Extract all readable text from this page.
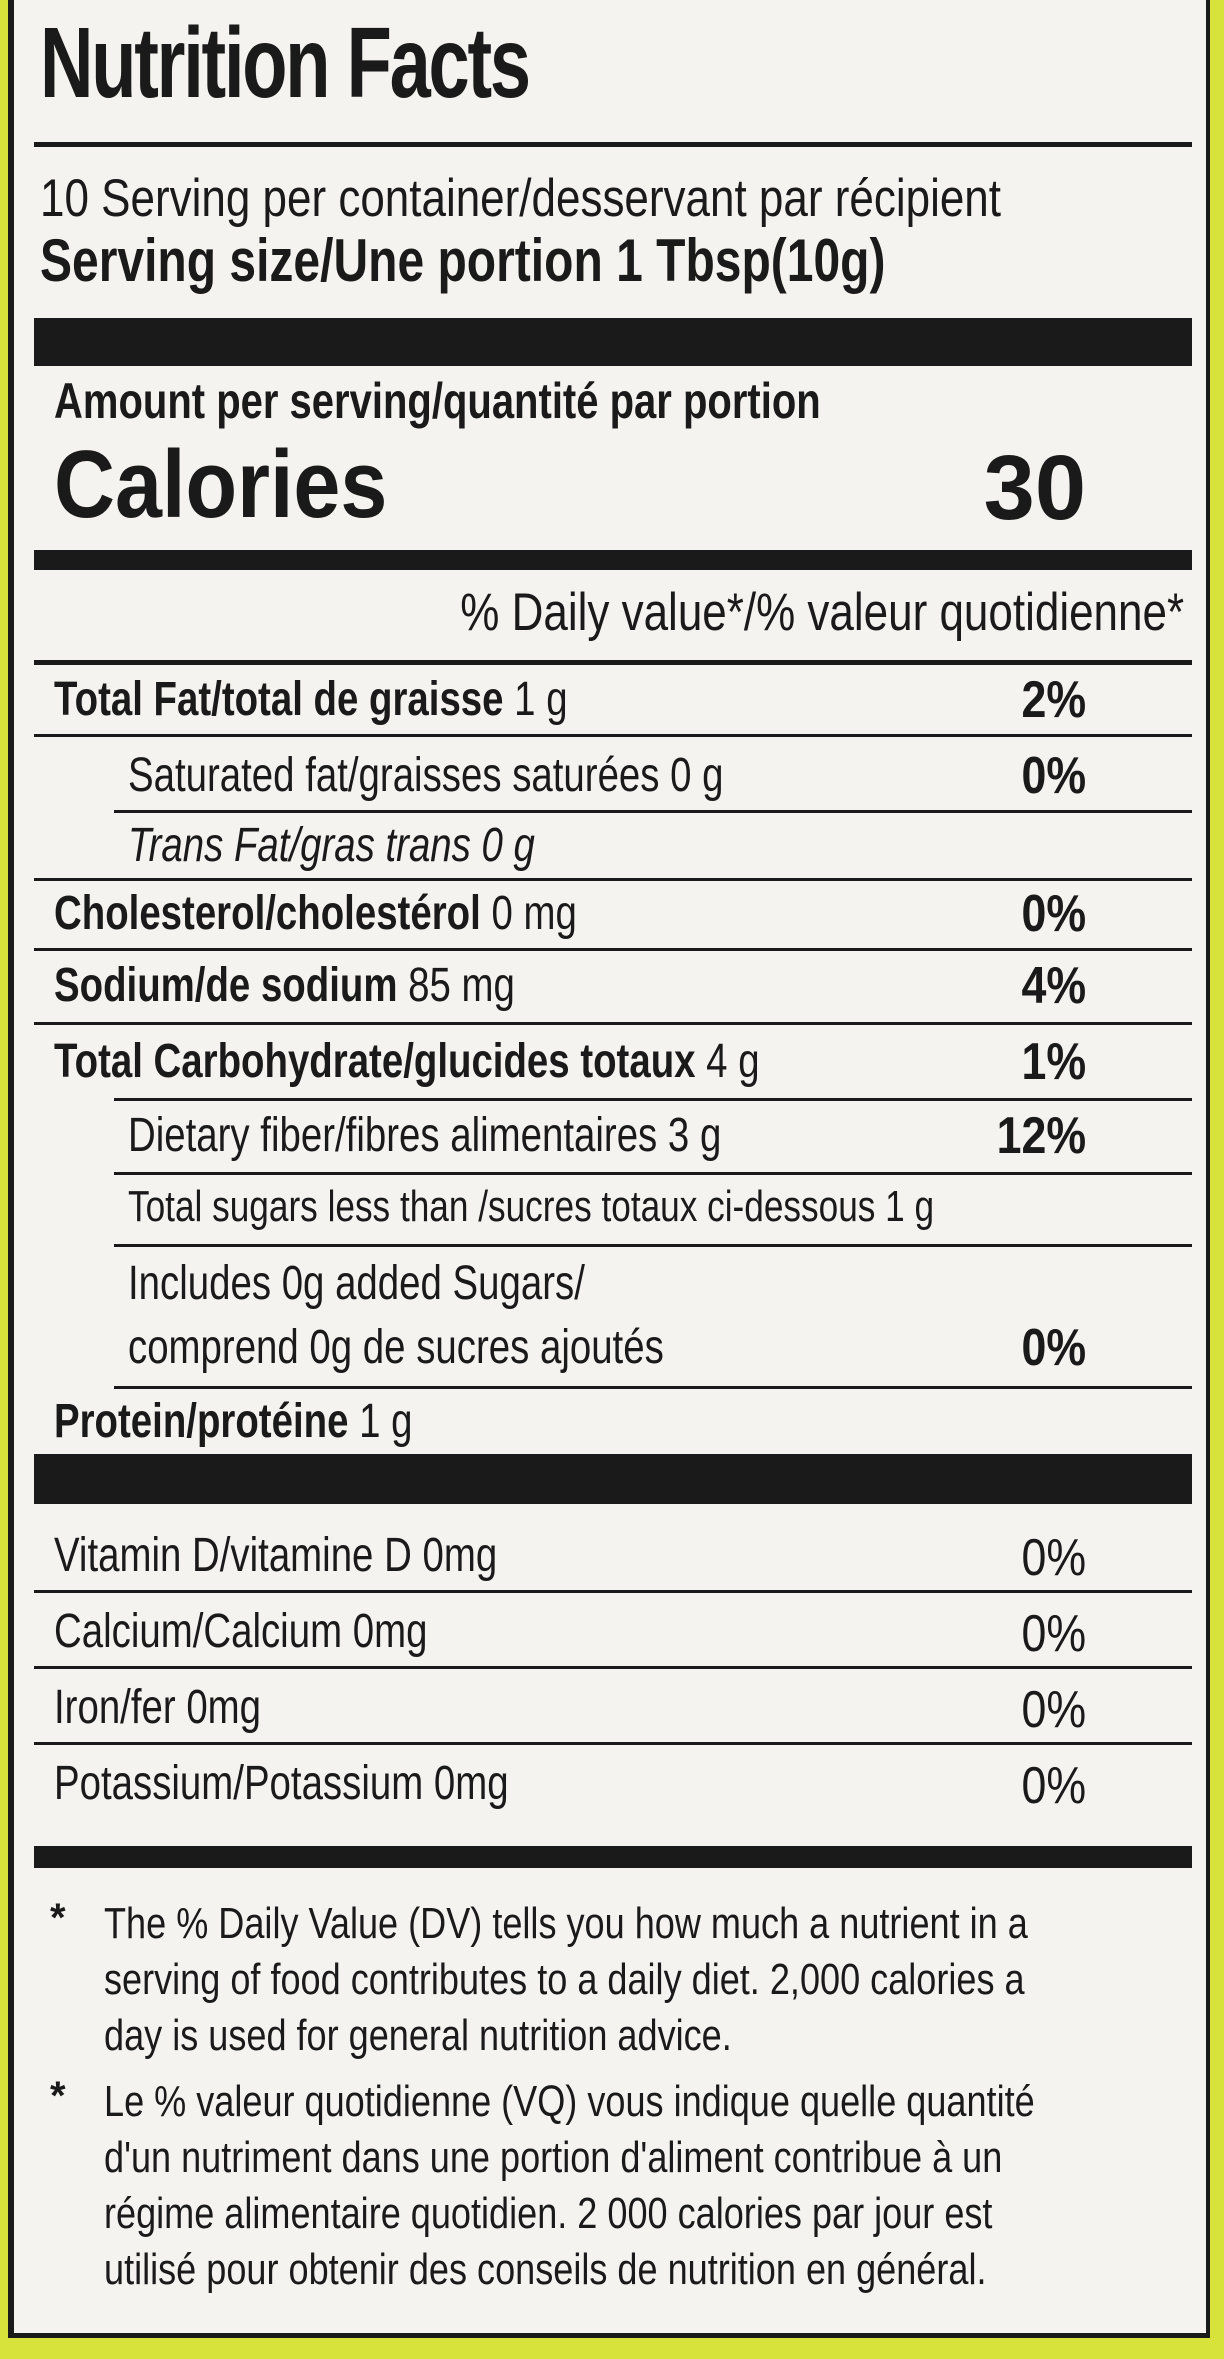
Nutrition Facts
10 Serving per container/desservant par récipient
Serving size/Une portion 1 Tbsp(10g)
Amount per serving/quantité par portion
Calories	30
% Daily value*/% valeur quotidienne*
Total Fat/total de graisse 1 g	2%
Saturated fat/graisses saturées 0 g	0%
Trans Fat/gras trans 0 g
Cholesterol/cholestérol 0 mg	0%
Sodium/de sodium 85 mg	4%
Total Carbohydrate/glucides totaux 4 g	1%
Dietary fiber/fibres alimentaires 3 g	12%
Total sugars less than /sucres totaux ci-dessous 1 g
Includes 0g added Sugars/
comprend 0g de sucres ajoutés	0%
Protein/protéine 1 g
Vitamin D/vitamine D 0mg	0%
Calcium/Calcium 0mg	0%
Iron/fer 0mg	0%
Potassium/Potassium 0mg	0%
* The % Daily Value (DV) tells you how much a nutrient in a
serving of food contributes to a daily diet. 2,000 calories a
day is used for general nutrition advice.
* Le % valeur quotidienne (VQ) vous indique quelle quantité
d'un nutriment dans une portion d'aliment contribue à un
régime alimentaire quotidien. 2 000 calories par jour est
utilisé pour obtenir des conseils de nutrition en général.
